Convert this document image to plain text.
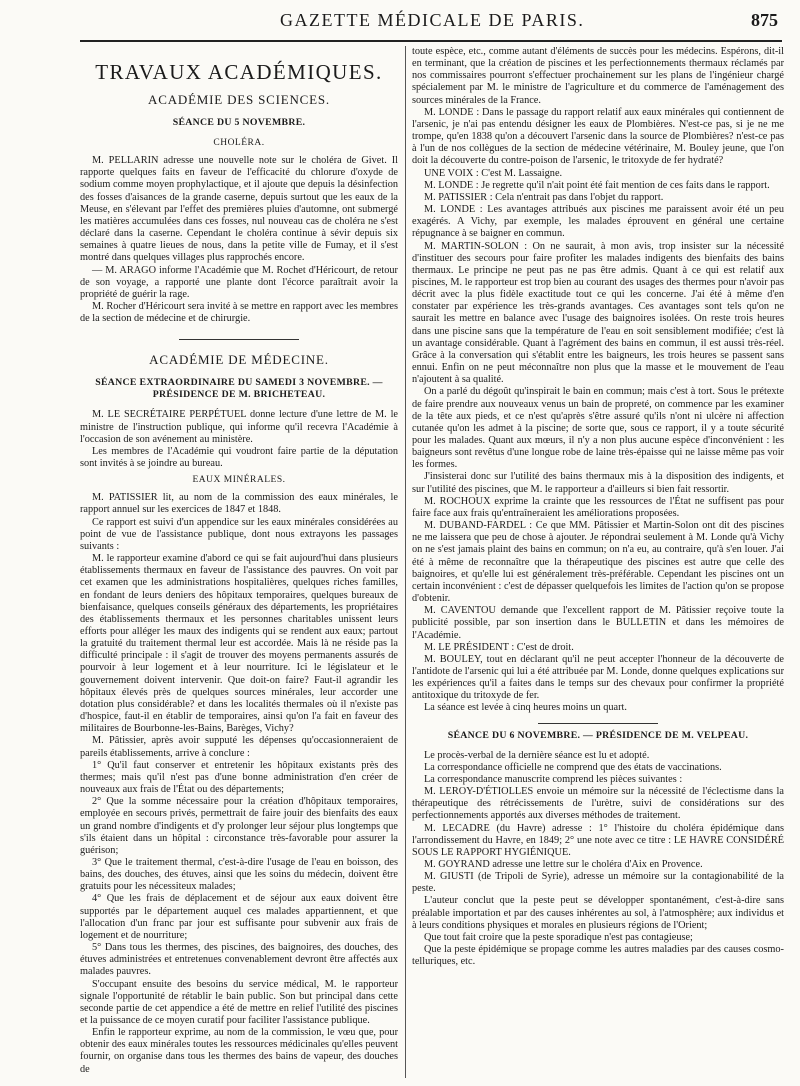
GAZETTE MÉDICALE DE PARIS.	875
TRAVAUX ACADÉMIQUES.
ACADÉMIE DES SCIENCES.
SÉANCE DU 5 NOVEMBRE.
CHOLÉRA.

M. PELLARIN adresse une nouvelle note sur le choléra de Givet. Il rapporte quelques faits en faveur de l'efficacité du chlorure d'oxyde de sodium comme moyen prophylactique, et il ajoute que depuis la désinfection des fosses d'aisances de la grande caserne, depuis surtout que les eaux de la Meuse, en s'élevant par l'effet des premières pluies d'automne, ont submergé les matières accumulées dans ces fosses, nul nouveau cas de choléra ne s'est déclaré dans la caserne. Cependant le choléra continue à sévir depuis six semaines à quatre lieues de nous, dans la petite ville de Fumay, et il s'est montré dans quelques villages plus rapprochés encore.

— M. ARAGO informe l'Académie que M. Rochet d'Héricourt, de retour de son voyage, a rapporté une plante dont l'écorce paraîtrait avoir la propriété de guérir la rage.

M. Rocher d'Héricourt sera invité à se mettre en rapport avec les membres de la section de médecine et de chirurgie.

ACADÉMIE DE MÉDECINE.
SÉANCE EXTRAORDINAIRE DU SAMEDI 3 NOVEMBRE. — PRÉSIDENCE DE M. BRICHETEAU.

M. LE SECRÉTAIRE PERPÉTUEL donne lecture d'une lettre de M. le ministre de l'instruction publique, qui informe qu'il recevra l'Académie à l'occasion de son avénement au ministère.

Les membres de l'Académie qui voudront faire partie de la députation sont invités à se joindre au bureau.

EAUX MINÉRALES.

M. PATISSIER lit, au nom de la commission des eaux minérales, le rapport annuel sur les exercices de 1847 et 1848.

Ce rapport est suivi d'un appendice sur les eaux minérales considérées au point de vue de l'assistance publique, dont nous extrayons les passages suivants :

M. le rapporteur examine d'abord ce qui se fait aujourd'hui dans plusieurs établissements thermaux en faveur de l'assistance des pauvres. On voit par cet examen que les administrations hospitalières, quelques riches familles, en fondant de leurs deniers des hôpitaux temporaires, quelques bureaux de bienfaisance, quelques conseils généraux des départements, les propriétaires des établissements thermaux et les personnes charitables unissent leurs efforts pour alléger les maux des indigents qui se rendent aux eaux; partout la gratuité du traitement thermal leur est accordée. Mais là ne réside pas la difficulté principale : il s'agit de trouver des moyens permanents assurés de pourvoir à leur logement et à leur nourriture. Ici le législateur et le gouvernement doivent intervenir. Que doit-on faire? Faut-il agrandir les hôpitaux élevés près de quelques sources minérales, leur accorder une dotation plus considérable? et dans les localités thermales où il n'existe pas d'hospice, faut-il en établir de temporaires, ainsi qu'on l'a fait en faveur des militaires de Bourbonne-les-Bains, Barèges, Vichy?

M. Pâtissier, après avoir supputé les dépenses qu'occasionneraient de pareils établissements, arrive à conclure :

1° Qu'il faut conserver et entretenir les hôpitaux existants près des thermes; mais qu'il n'est pas d'une bonne administration d'en créer de nouveaux aux frais de l'État ou des départements;

2° Que la somme nécessaire pour la création d'hôpitaux temporaires, employée en secours privés, permettrait de faire jouir des bienfaits des eaux un grand nombre d'indigents et d'y prolonger leur séjour plus longtemps que s'ils étaient dans un hôpital : circonstance très-favorable pour assurer la guérison;

3° Que le traitement thermal, c'est-à-dire l'usage de l'eau en boisson, des bains, des douches, des étuves, ainsi que les soins du médecin, doivent être gratuits pour les nécessiteux malades;

4° Que les frais de déplacement et de séjour aux eaux doivent être supportés par le département auquel ces malades appartiennent, et que l'allocation d'un franc par jour est suffisante pour subvenir aux frais de logement et de nourriture;

5° Dans tous les thermes, des piscines, des baignoires, des douches, des étuves administrées et entretenues convenablement devront être affectés aux malades pauvres.

S'occupant ensuite des besoins du service médical, M. le rapporteur signale l'opportunité de rétablir le bain public. Son but principal dans cette seconde partie de cet appendice a été de mettre en relief l'utilité des piscines et la puissance de ce moyen curatif pour faciliter l'assistance publique.

Enfin le rapporteur exprime, au nom de la commission, le vœu que, pour obtenir des eaux minérales toutes les ressources médicinales qu'elles peuvent fournir, on organise dans tous les thermes des bains de vapeur, des douches de

toute espèce, etc., comme autant d'éléments de succès pour les médecins. Espérons, dit-il en terminant, que la création de piscines et les perfectionnements thermaux réclamés par nos commissaires pourront s'effectuer prochainement sur les plans de l'ingénieur chargé spécialement par M. le ministre de l'agriculture et du commerce de l'aménagement des sources minérales de la France.

M. LONDE : Dans le passage du rapport relatif aux eaux minérales qui contiennent de l'arsenic, je n'ai pas entendu désigner les eaux de Plombières. N'est-ce pas, si je ne me trompe, qu'en 1838 qu'on a découvert l'arsenic dans la source de Plombières? n'est-ce pas à l'un de nos collègues de la section de médecine vétérinaire, M. Bouley jeune, que l'on doit la découverte du contre-poison de l'arsenic, le tritoxyde de fer hydraté?

UNE VOIX : C'est M. Lassaigne.

M. LONDE : Je regrette qu'il n'ait point été fait mention de ces faits dans le rapport.

M. PATISSIER : Cela n'entrait pas dans l'objet du rapport.

M. LONDE : Les avantages attribués aux piscines me paraissent avoir été un peu exagérés. A Vichy, par exemple, les malades éprouvent en général une certaine répugnance à se baigner en commun.

M. MARTIN-SOLON : On ne saurait, à mon avis, trop insister sur la nécessité d'instituer des secours pour faire profiter les malades indigents des bienfaits des bains thermaux. Le principe ne peut pas ne pas être admis. Quant à ce qui est relatif aux piscines, M. le rapporteur est trop bien au courant des usages des thermes pour n'avoir pas décrit avec la plus fidèle exactitude tout ce qui les concerne. J'ai été à même d'en constater par expérience les très-grands avantages. Ces avantages sont tels qu'on ne saurait les mettre en balance avec l'usage des baignoires isolées. On reste trois heures dans une piscine sans que la température de l'eau en soit sensiblement modifiée; c'est là un avantage considérable. Quant à l'agrément des bains en commun, il est aussi très-réel. Grâce à la conversation qui s'établit entre les baigneurs, les trois heures se passent sans ennui. Enfin on ne peut méconnaître non plus que la masse et le mouvement de l'eau n'ajoutent à sa qualité.

On a parlé du dégoût qu'inspirait le bain en commun; mais c'est à tort. Sous le prétexte de faire prendre aux nouveaux venus un bain de propreté, on commence par les examiner de la tête aux pieds, et ce n'est qu'après s'être assuré qu'ils n'ont ni ulcère ni affection cutanée qu'on les admet à la piscine; de sorte que, sous ce rapport, il y a toute sécurité pour les malades. Quant aux mœurs, il n'y a non plus aucune espèce d'inconvénient : les baigneurs sont revêtus d'une longue robe de laine très-épaisse qui ne laisse même pas voir les formes.

J'insisterai donc sur l'utilité des bains thermaux mis à la disposition des indigents, et sur l'utilité des piscines, que M. le rapporteur a d'ailleurs si bien fait ressortir.

M. ROCHOUX exprime la crainte que les ressources de l'État ne suffisent pas pour faire face aux frais qu'entraîneraient les améliorations proposées.

M. DUBAND-FARDEL : Ce que MM. Pâtissier et Martin-Solon ont dit des piscines ne me laissera que peu de chose à ajouter. Je répondrai seulement à M. Londe qu'à Vichy on ne s'est jamais plaint des bains en commun; on n'a eu, au contraire, qu'à s'en louer. J'ai été à même de reconnaître que la thérapeutique des piscines est autre que celle des baignoires, et qu'elle lui est généralement très-préférable. Cependant les piscines ont un certain inconvénient : c'est de dépasser quelquefois les limites de l'action qu'on se propose d'obtenir.

M. CAVENTOU demande que l'excellent rapport de M. Pâtissier reçoive toute la publicité possible, par son insertion dans le BULLETIN et dans les mémoires de l'Académie.

M. LE PRÉSIDENT : C'est de droit.

M. BOULEY, tout en déclarant qu'il ne peut accepter l'honneur de la découverte de l'antidote de l'arsenic qui lui a été attribuée par M. Londe, donne quelques explications sur les expériences qu'il a faites dans le temps sur des chevaux pour confirmer la propriété antitoxique du tritoxyde de fer.

La séance est levée à cinq heures moins un quart.

SÉANCE DU 6 NOVEMBRE. — PRÉSIDENCE DE M. VELPEAU.

Le procès-verbal de la dernière séance est lu et adopté.

La correspondance officielle ne comprend que des états de vaccinations.

La correspondance manuscrite comprend les pièces suivantes :

M. LEROY-D'ÉTIOLLES envoie un mémoire sur la nécessité de l'éclectisme dans la thérapeutique des rétrécissements de l'urètre, suivi de considérations sur des perfectionnements apportés aux diverses méthodes de traitement.

M. LECADRE (du Havre) adresse : 1° l'histoire du choléra épidémique dans l'arrondissement du Havre, en 1849; 2° une note avec ce titre : LE HAVRE CONSIDÉRÉ SOUS LE RAPPORT HYGIÉNIQUE.

M. GOYRAND adresse une lettre sur le choléra d'Aix en Provence.

M. GIUSTI (de Tripoli de Syrie), adresse un mémoire sur la contagionabilité de la peste.

L'auteur conclut que la peste peut se développer spontanément, c'est-à-dire sans préalable importation et par des causes inhérentes au sol, à l'atmosphère; aux individus et à leurs conditions physiques et morales en plusieurs régions de l'Orient;

Que tout fait croire que la peste sporadique n'est pas contagieuse;

Que la peste épidémique se propage comme les autres maladies par des causes cosmo-telluriques, etc.
